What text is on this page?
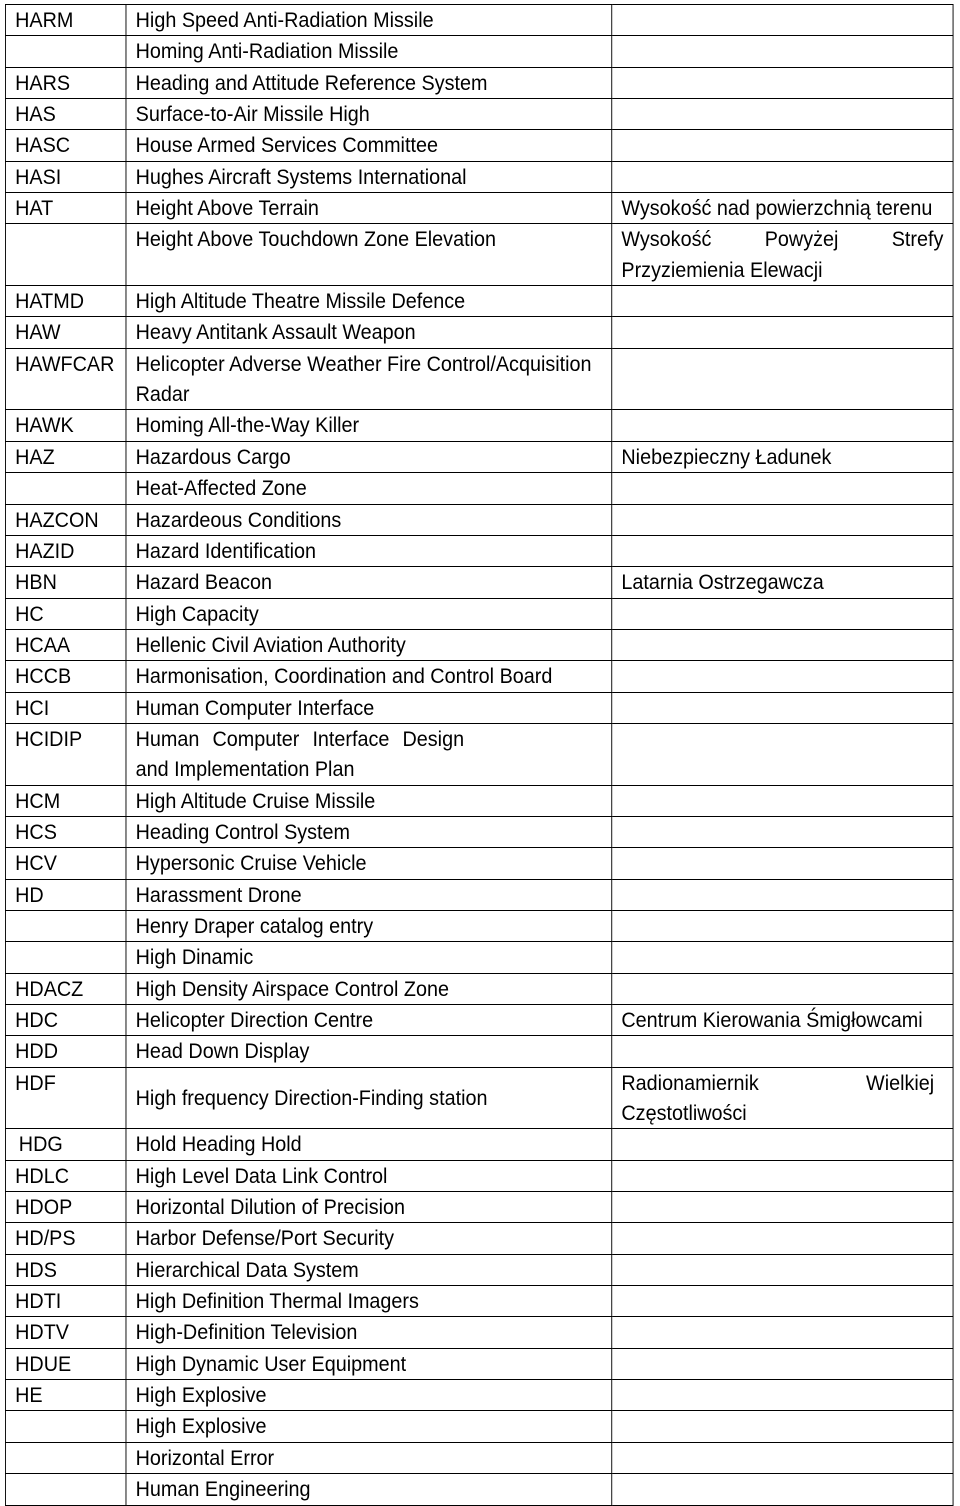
HARM	High Speed Anti-Radiation Missile	
	Homing Anti-Radiation Missile	
HARS	Heading and Attitude Reference System	
HAS	Surface-to-Air Missile High	
HASC	House Armed Services Committee	
HASI	Hughes Aircraft Systems International	
HAT	Height Above Terrain	Wysokość nad powierzchnią terenu
	Height Above Touchdown Zone Elevation	Wysokość Powyżej Strefy Przyziemienia Elewacji
HATMD	High Altitude Theatre Missile Defence	
HAW	Heavy Antitank Assault Weapon	
HAWFCAR	Helicopter Adverse Weather Fire Control/Acquisition Radar	
HAWK	Homing All-the-Way Killer	
HAZ	Hazardous Cargo	Niebezpieczny Ładunek
	Heat-Affected Zone	
HAZCON	Hazardeous Conditions	
HAZID	Hazard Identification	
HBN	Hazard Beacon	Latarnia Ostrzegawcza
HC	High Capacity	
HCAA	Hellenic Civil Aviation Authority	
HCCB	Harmonisation, Coordination and Control Board	
HCI	Human Computer Interface	
HCIDIP	Human Computer Interface Design and Implementation Plan	
HCM	High Altitude Cruise Missile	
HCS	Heading Control System	
HCV	Hypersonic Cruise Vehicle	
HD	Harassment Drone	
	Henry Draper catalog entry	
	High Dinamic	
HDACZ	High Density Airspace Control Zone	
HDC	Helicopter Direction Centre	Centrum Kierowania Śmigłowcami
HDD	Head Down Display	
HDF	High frequency Direction-Finding station	Radionamiernik Wielkiej Częstotliwości
HDG	Hold Heading Hold	
HDLC	High Level Data Link Control	
HDOP	Horizontal Dilution of Precision	
HD/PS	Harbor Defense/Port Security	
HDS	Hierarchical Data System	
HDTI	High Definition Thermal Imagers	
HDTV	High-Definition Television	
HDUE	High Dynamic User Equipment	
HE	High Explosive	
	High Explosive	
	Horizontal Error	
	Human Engineering	
